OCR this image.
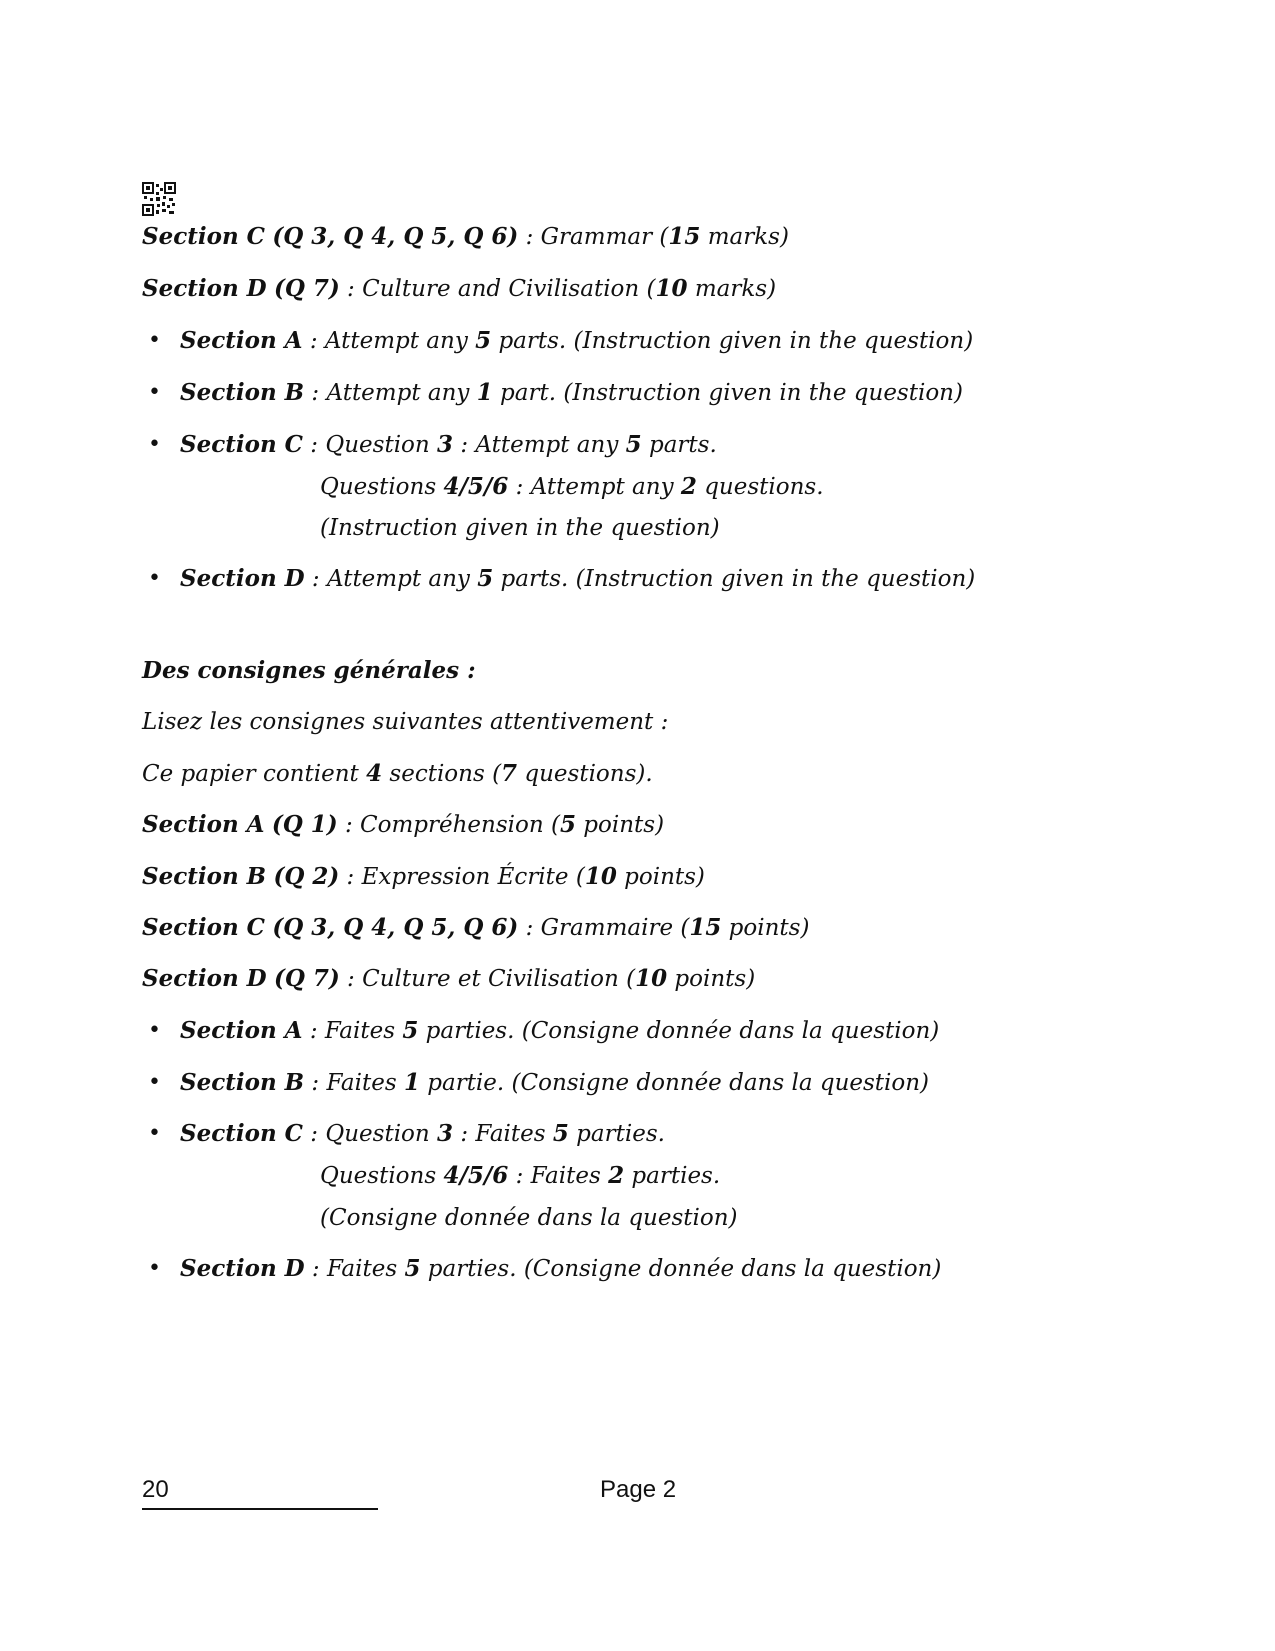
Section C (Q 3, Q 4, Q 5, Q 6) : Grammar (15 marks)
Section D (Q 7) : Culture and Civilisation (10 marks)
• Section A : Attempt any 5 parts. (Instruction given in the question)
• Section B : Attempt any 1 part. (Instruction given in the question)
• Section C : Question 3 : Attempt any 5 parts.
Questions 4/5/6 : Attempt any 2 questions.
(Instruction given in the question)
• Section D : Attempt any 5 parts. (Instruction given in the question)
Des consignes générales :
Lisez les consignes suivantes attentivement :
Ce papier contient 4 sections (7 questions).
Section A (Q 1) : Compréhension (5 points)
Section B (Q 2) : Expression Écrite (10 points)
Section C (Q 3, Q 4, Q 5, Q 6) : Grammaire (15 points)
Section D (Q 7) : Culture et Civilisation (10 points)
• Section A : Faites 5 parties. (Consigne donnée dans la question)
• Section B : Faites 1 partie. (Consigne donnée dans la question)
• Section C : Question 3 : Faites 5 parties.
Questions 4/5/6 : Faites 2 parties.
(Consigne donnée dans la question)
• Section D : Faites 5 parties. (Consigne donnée dans la question)
20	Page 2
